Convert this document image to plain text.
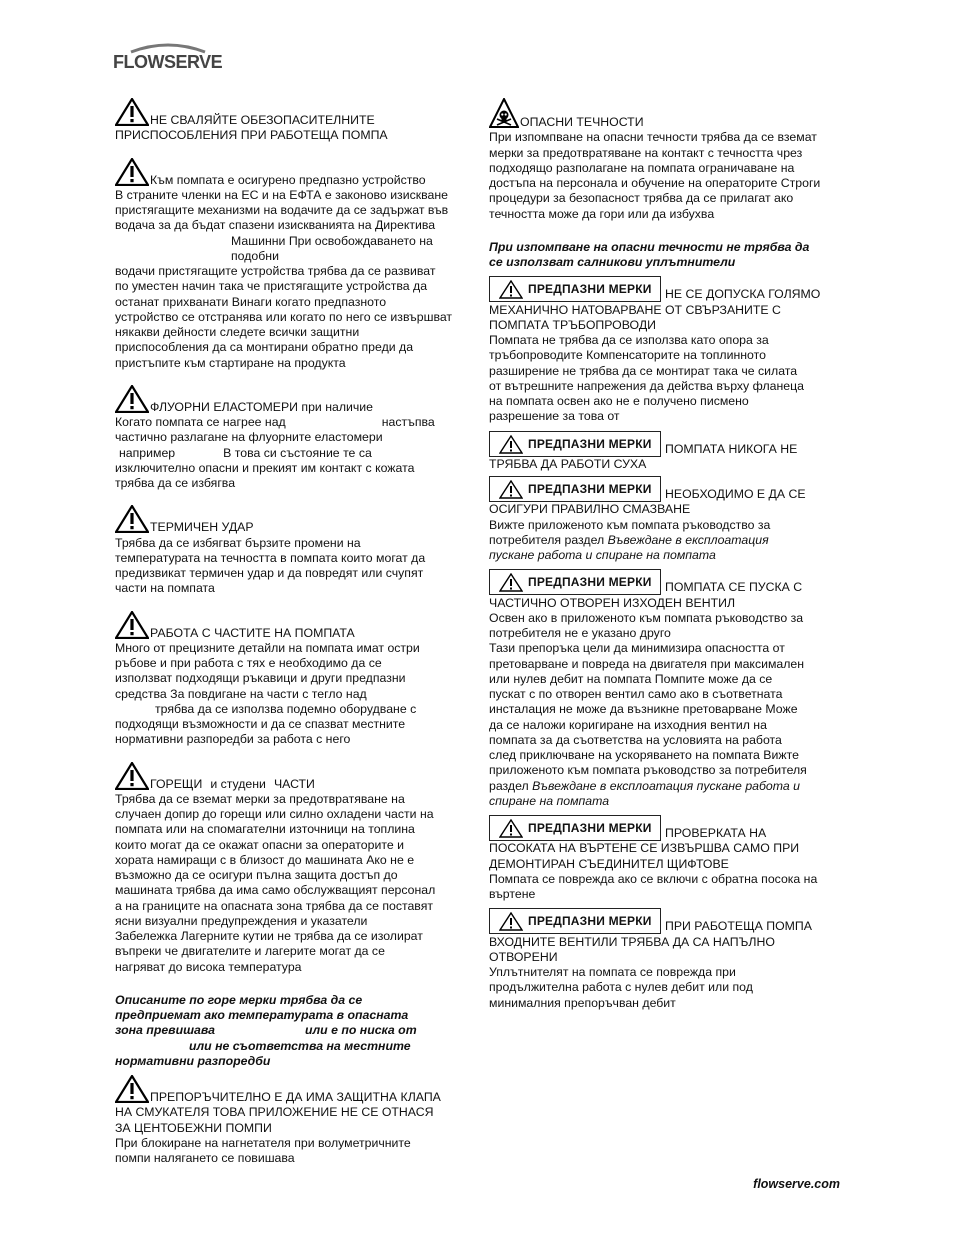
FLOWSERVE
НЕ СВАЛЯЙТЕ ОБЕЗОПАСИТЕЛНИТЕ ПРИСПОСОБЛЕНИЯ ПРИ РАБОТЕЩА ПОМПА
Към помпата е осигурено предпазно устройство
В страните членки на ЕС и на ЕФТА е законово изискване
пристягащите механизми на водачите да се задържат във
водача за да бъдат спазени изискванията на Директива
Машинни При освобождаването на подобни
водачи пристягащите устройства трябва да се развиват
по уместен начин така че пристягащите устройства да
останат прихванати Винаги когато предпазното
устройство се отстранява или когато по него се извършват
някакви дейности следете всички защитни
приспособления да са монтирани обратно преди да
пристъпите към стартиране на продукта
ФЛУОРНИ ЕЛАСТОМЕРИ при наличие
Когато помпата се нагрее над	настъпва
частично разлагане на флуорните еластомери
например	В това си състояние те са
изключително опасни и прекият им контакт с кожата
трябва да се избягва
ТЕРМИЧЕН УДАР
Трябва да се избягват бързите промени на
температурата на течността в помпата които могат да
предизвикат термичен удар и да повредят или счупят
части на помпата
РАБОТА С ЧАСТИТЕ НА ПОМПАТА
Много от прецизните детайли на помпата имат остри
ръбове и при работа с тях е необходимо да се
използват подходящи ръкавици и други предпазни
средства За повдигане на части с тегло над
трябва да се използва подемно оборудване с
подходящи възможности и да се спазват местните
нормативни разпоредби за работа с него
ГОРЕЩИ и студени ЧАСТИ
Трябва да се вземат мерки за предотвратяване на
случаен допир до горещи или силно охладени части на
помпата или на спомагателни източници на топлина
които могат да се окажат опасни за операторите и
хората намиращи с в близост до машината Ако не е
възможно да се осигури пълна защита достъп до
машината трябва да има само обслужващият персонал
а на границите на опасната зона трябва да се поставят
ясни визуални предупреждения и указатели
Забележка Лагерните кутии не трябва да се изолират
въпреки че двигателите и лагерите могат да се
нагряват до висока температура
Описаните по горе мерки трябва да се
предприемат ако температурата в опасната
зона превишава	или е по ниска от
или не съответства на местните
нормативни разпоредби
ПРЕПОРЪЧИТЕЛНО Е ДА ИМА ЗАЩИТНА КЛАПА
НА СМУКАТЕЛЯ ТОВА ПРИЛОЖЕНИЕ НЕ СЕ ОТНАСЯ
ЗА ЦЕНТОБЕЖНИ ПОМПИ
При блокиране на нагнетателя при волуметричните
помпи налягането се повишава
ОПАСНИ ТЕЧНОСТИ
При изпомпване на опасни течности трябва да се вземат
мерки за предотвратяване на контакт с течността чрез
подходящо разполагане на помпата ограничаване на
достъпа на персонала и обучение на операторите Строги
процедури за безопасност трябва да се прилагат ако
течността може да гори или да избухва
При изпомпване на опасни течности не трябва да
се използват салникови уплътнители
ПРЕДПАЗНИ МЕРКИ НЕ СЕ ДОПУСКА ГОЛЯМО
МЕХАНИЧНО НАТОВАРВАНЕ ОТ СВЪРЗАНИТЕ С
ПОМПАТА ТРЪБОПРОВОДИ
Помпата не трябва да се използва като опора за
тръбопроводите Компенсаторите на топлинното
разширение не трябва да се монтират така че силата
от вътрешните напрежения да действа върху фланеца
на помпата освен ако не е получено писмено
разрешение за това от
ПРЕДПАЗНИ МЕРКИ ПОМПАТА НИКОГА НЕ
ТРЯБВА ДА РАБОТИ СУХА
ПРЕДПАЗНИ МЕРКИ НЕОБХОДИМО Е ДА СЕ
ОСИГУРИ ПРАВИЛНО СМАЗВАНЕ
Вижте приложеното към помпата ръководство за
потребителя раздел Въвеждане в експлоатация
пускане работа и спиране на помпата
ПРЕДПАЗНИ МЕРКИ ПОМПАТА СЕ ПУСКА С
ЧАСТИЧНО ОТВОРЕН ИЗХОДЕН ВЕНТИЛ
Освен ако в приложеното към помпата ръководство за
потребителя не е указано друго
Тази препоръка цели да минимизира опасността от
претоварване и повреда на двигателя при максимален
или нулев дебит на помпата Помпите може да се
пускат с по отворен вентил само ако в съответната
инсталация не може да възникне претоварване Може
да се наложи коригиране на изходния вентил на
помпата за да съответства на условията на работа
след приключване на ускоряването на помпата Вижте
приложеното към помпата ръководство за потребителя
раздел Въвеждане в експлоатация пускане работа и
спиране на помпата
ПРЕДПАЗНИ МЕРКИ ПРОВЕРКАТА НА
ПОСОКАТА НА ВЪРТЕНЕ СЕ ИЗВЪРШВА САМО ПРИ
ДЕМОНТИРАН СЪЕДИНИТЕЛ ЩИФТОВЕ
Помпата се поврежда ако се включи с обратна посока на
въртене
ПРЕДПАЗНИ МЕРКИ ПРИ РАБОТЕЩА ПОМПА
ВХОДНИТЕ ВЕНТИЛИ ТРЯБВА ДА СА НАПЪЛНО
ОТВОРЕНИ
Уплътнителят на помпата се поврежда при
продължителна работа с нулев дебит или под
минималния препоръчван дебит
flowserve.com
